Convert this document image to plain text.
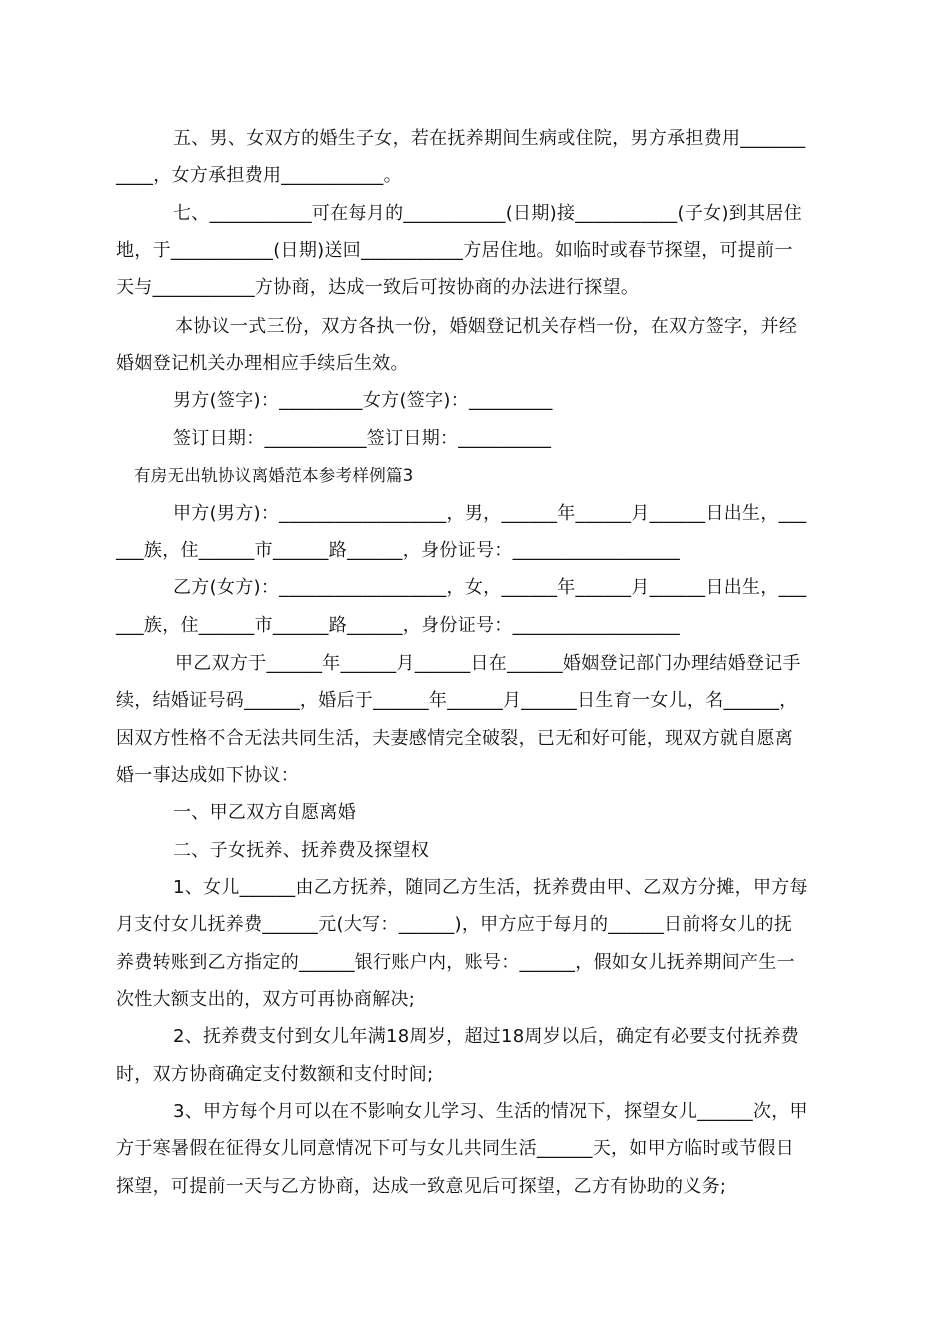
五、男、女双方的婚生子女，若在抚养期间生病或住院，男方承担费用_______
____，女方承担费用___________。
七、___________可在每月的___________(日期)接___________(子女)到其居住
地，于___________(日期)送回___________方居住地。如临时或春节探望，可提前一
天与___________方协商，达成一致后可按协商的办法进行探望。
本协议一式三份，双方各执一份，婚姻登记机关存档一份，在双方签字，并经
婚姻登记机关办理相应手续后生效。
男方(签字)：_________女方(签字)：_________
签订日期：___________签订日期：__________
有房无出轨协议离婚范本参考样例篇3
甲方(男方)：__________________，男，______年______月______日出生，___
___族，住______市______路______，身份证号：__________________
乙方(女方)：__________________，女，______年______月______日出生，___
___族，住______市______路______，身份证号：__________________
甲乙双方于______年______月______日在______婚姻登记部门办理结婚登记手
续，结婚证号码______，婚后于______年______月______日生育一女儿，名______，
因双方性格不合无法共同生活，夫妻感情完全破裂，已无和好可能，现双方就自愿离
婚一事达成如下协议：
一、甲乙双方自愿离婚
二、子女抚养、抚养费及探望权
1、女儿______由乙方抚养，随同乙方生活，抚养费由甲、乙双方分摊，甲方每
月支付女儿抚养费______元(大写：______)，甲方应于每月的______日前将女儿的抚
养费转账到乙方指定的______银行账户内，账号：______，假如女儿抚养期间产生一
次性大额支出的，双方可再协商解决;
2、抚养费支付到女儿年满18周岁，超过18周岁以后，确定有必要支付抚养费
时，双方协商确定支付数额和支付时间;
3、甲方每个月可以在不影响女儿学习、生活的情况下，探望女儿______次，甲
方于寒暑假在征得女儿同意情况下可与女儿共同生活______天，如甲方临时或节假日
探望，可提前一天与乙方协商，达成一致意见后可探望，乙方有协助的义务;
